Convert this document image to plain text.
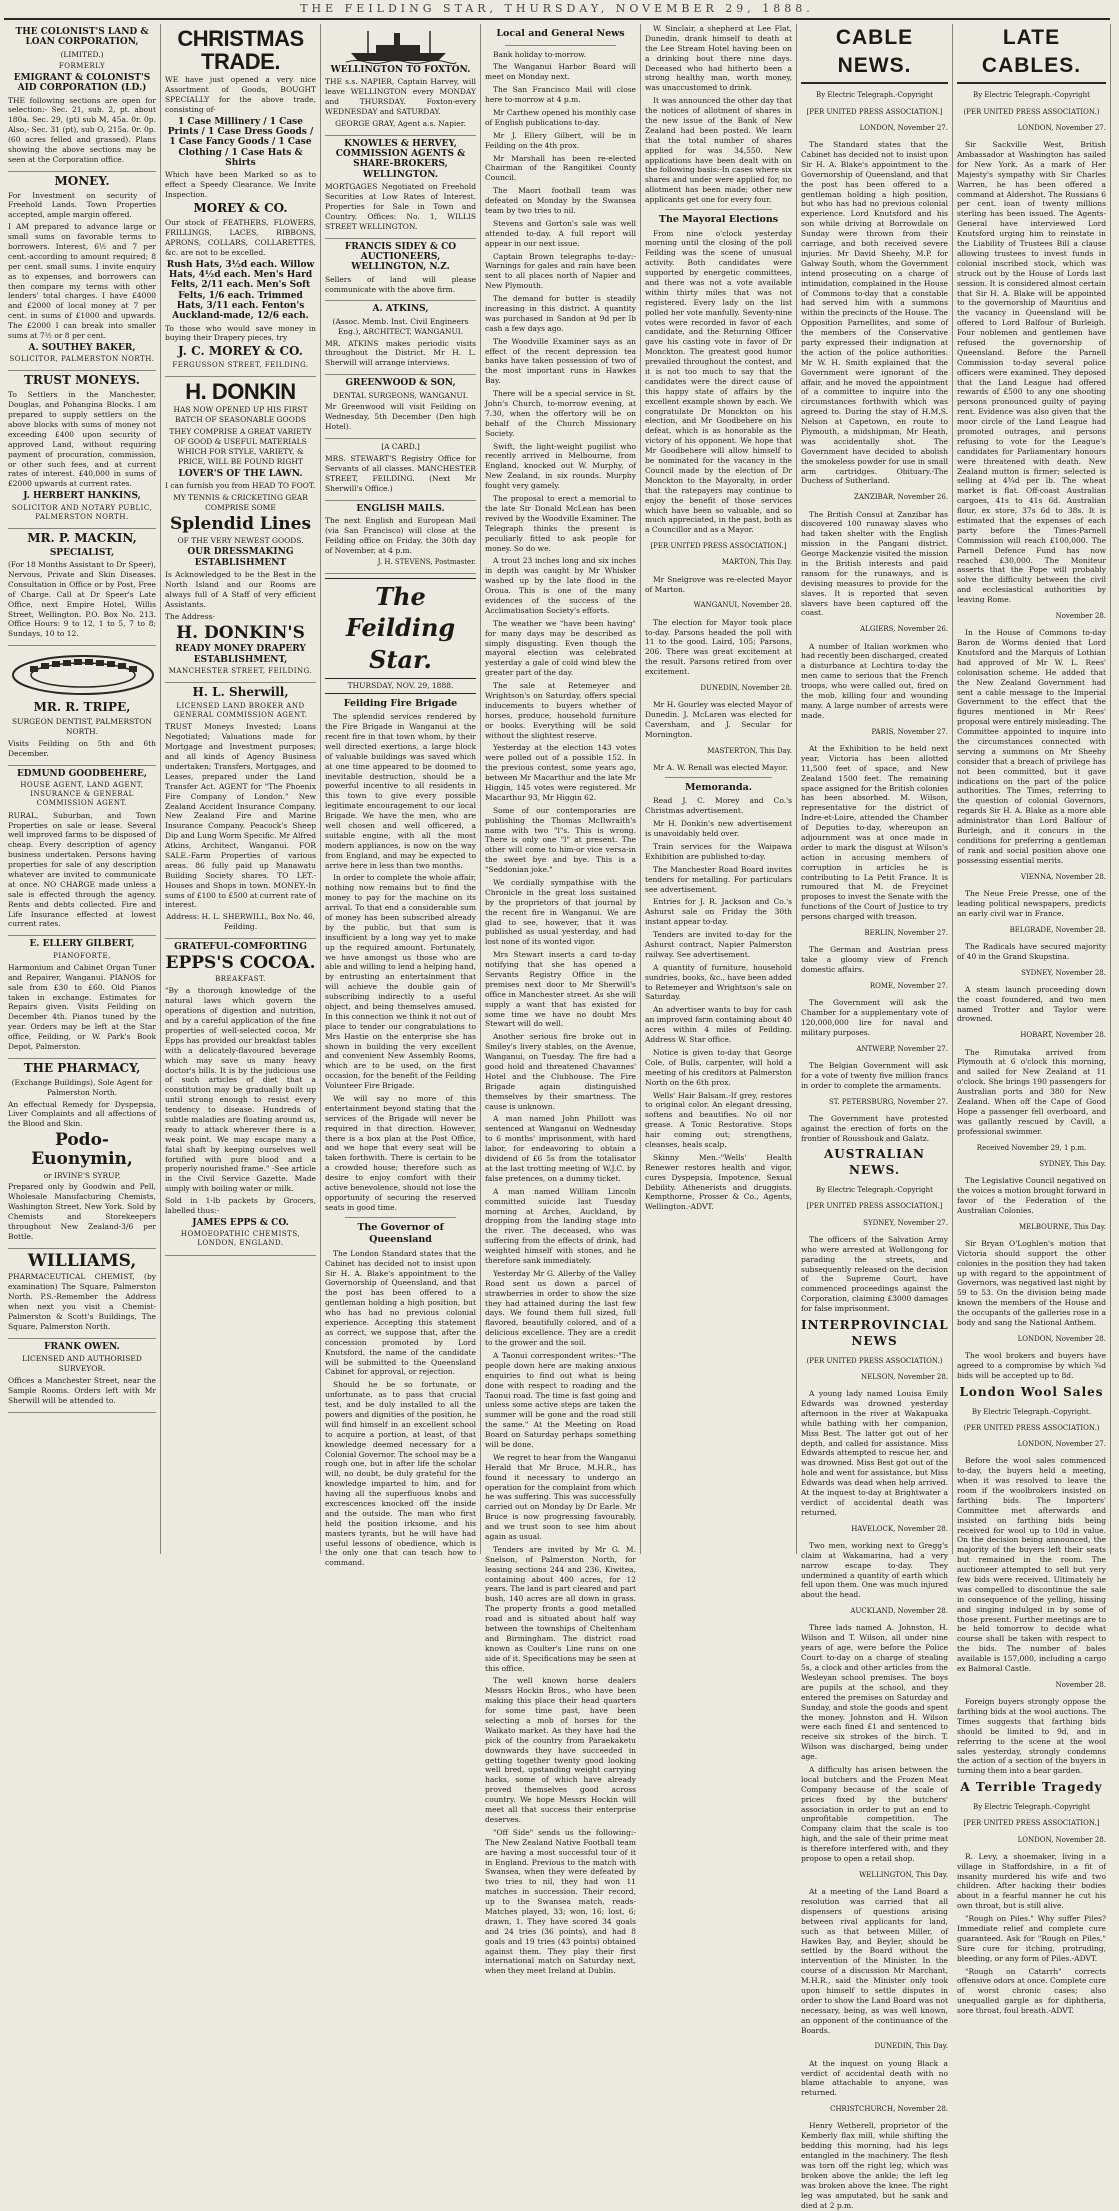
THE FEILDING STAR, THURSDAY, NOVEMBER 29, 1888.

THE COLONIST'S LAND & LOAN CORPORATION,

(LIMITED.)

FORMERLY

EMIGRANT & COLONIST'S AID CORPORATION (LD.)

THE following sections are open for selection:- Sec. 21, sub. 2, pt. about 180a. Sec. 29, (pt) sub M, 45a. 0r. 0p. Also,- Sec. 31 (pt), sub O, 215a. 0r. 0p. (60 acres felled and grassed). Plans showing the above sections may be seen at the Corporation office.

MONEY.

For Investment on security of Freehold Lands. Town Properties accepted, ample margin offered.

I AM prepared to advance large or small sums on favorable terms to borrowers. Interest, 6½ and 7 per cent.-according to amount required; 8 per cent. small sums. I invite enquiry as to expenses, and borrowers can then compare my terms with other lenders' total charges. I have £4000 and £2000 of local money at 7 per cent. in sums of £1000 and upwards. The £2000 I can break into smaller sums at 7½ or 8 per cent.

A. SOUTHEY BAKER,

SOLICITOR, PALMERSTON NORTH.

TRUST MONEYS.

To Settlers in the Manchester, Douglas, and Pohangina Blocks. I am prepared to supply settlers on the above blocks with sums of money not exceeding £400 upon security of approved Land, without requiring payment of procuration, commission, or other such fees, and at current rates of interest. £40,000 in sums of £2000 upwards at current rates.

J. HERBERT HANKINS,

SOLICITOR AND NOTARY PUBLIC, PALMERSTON NORTH.

MR. P. MACKIN,

SPECIALIST,

(For 18 Months Assistant to Dr Speer), Nervous, Private and Skin Diseases. Consultation in Office or by Post, Free of Charge. Call at Dr Speer's Late Office, next Empire Hotel, Willis Street, Wellington. P.O. Box No. 213. Office Hours: 9 to 12, 1 to 5, 7 to 8; Sundays, 10 to 12.

MR. R. TRIPE,

SURGEON DENTIST, PALMERSTON NORTH.

Visits Feilding on 5th and 6th December.

EDMUND GOODBEHERE,

HOUSE AGENT, LAND AGENT, INSURANCE & GENERAL COMMISSION AGENT.

RURAL, Suburban, and Town Properties on sale or lease. Several well improved farms to be disposed of cheap. Every description of agency business undertaken. Persons having properties for sale of any description whatever are invited to communicate at once. NO CHARGE made unless a sale is effected through the agency. Rents and debts collected. Fire and Life Insurance effected at lowest current rates.

E. ELLERY GILBERT,

PIANOFORTE,

Harmonium and Cabinet Organ Tuner and Repairer, Wanganui. PIANOS for sale from £30 to £60. Old Pianos taken in exchange. Estimates for Repairs given. Visits Feilding on December 4th. Pianos tuned by the year. Orders may be left at the Star office, Feilding, or W. Park's Book Depot, Palmerston.

THE PHARMACY,

(Exchange Buildings), Sole Agent for Palmerston North.

An effectual Remedy for Dyspepsia, Liver Complaints and all affections of the Blood and Skin.

Podo-Euonymin,

or IRVINE'S SYRUP,

Prepared only by Goodwin and Pell, Wholesale Manufacturing Chemists, Washington Street, New York. Sold by Chemists and Storekeepers throughout New Zealand-3/6 per Bottle.

WILLIAMS,

PHARMACEUTICAL CHEMIST, (by examination) The Square, Palmerston North. P.S.-Remember the Address when next you visit a Chemist-Palmerston & Scott's Buildings, The Square, Palmerston North.

FRANK OWEN.

LICENSED AND AUTHORISED SURVEYOR.

Offices a Manchester Street, near the Sample Rooms. Orders left with Mr Sherwill will be attended to.

CHRISTMAS TRADE.

WE have just opened a very nice Assortment of Goods, BOUGHT SPECIALLY for the above trade, consisting of-

1 Case Millinery / 1 Case Prints / 1 Case Dress Goods / 1 Case Fancy Goods / 1 Case Clothing / 1 Case Hats & Shirts

Which have been Marked so as to effect a Speedy Clearance. We Invite Inspection.

MOREY & CO.

Our stock of FEATHERS, FLOWERS, FRILLINGS, LACES, RIBBONS, APRONS, COLLARS, COLLARETTES, &c. are not to be excelled.

Rush Hats, 3½d each. Willow Hats, 4½d each. Men's Hard Felts, 2/11 each. Men's Soft Felts, 1/6 each. Trimmed Hats, 3/11 each. Fenton's Auckland-made, 12/6 each.

To those who would save money in buying their Drapery pieces, try

J. C. MOREY & CO.

FERGUSSON STREET, FEILDING.

H. DONKIN

HAS NOW OPENED UP HIS FIRST BATCH OF SEASONABLE GOODS

THEY COMPRISE A GREAT VARIETY OF GOOD & USEFUL MATERIALS WHICH FOR STYLE, VARIETY, & PRICE, WILL BE FOUND RIGHT

LOVER'S OF THE LAWN.

I can furnish you from HEAD TO FOOT.

MY TENNIS & CRICKETING GEAR COMPRISE SOME

Splendid Lines

OF THE VERY NEWEST GOODS.

OUR DRESSMAKING ESTABLISHMENT

Is Acknowledged to be the Best in the North Island and our Rooms are always full of A Staff of very efficient Assistants.

The Address-

H. DONKIN'S

READY MONEY DRAPERY ESTABLISHMENT,

MANCHESTER STREET, FEILDING.

H. L. Sherwill,

LICENSED LAND BROKER AND GENERAL COMMISSION AGENT.

TRUST Moneys Invested; Loans Negotiated; Valuations made for Mortgage and Investment purposes; and all kinds of Agency Business undertaken; Transfers, Mortgages, and Leases, prepared under the Land Transfer Act. AGENT for "The Phoenix Fire Company of London." New Zealand Accident Insurance Company. New Zealand Fire and Marine Insurance Company. Peacock's Sheep Dip and Lung Worm Specific. Mr Alfred Atkins, Architect, Wanganui. FOR SALE.-Farm Properties of various areas. 86 fully paid up Manawatu Building Society shares. TO LET.-Houses and Shops in town. MONEY.-In sums of £100 to £500 at current rate of interest.

Address: H. L. SHERWILL, Box No. 46, Feilding.

GRATEFUL-COMFORTING

EPPS'S COCOA.

BREAKFAST.

"By a thorough knowledge of the natural laws which govern the operations of digestion and nutrition, and by a careful application of the fine properties of well-selected cocoa, Mr Epps has provided our breakfast tables with a delicately-flavoured beverage which may save us many heavy doctor's bills. It is by the judicious use of such articles of diet that a constitution may be gradually built up until strong enough to resist every tendency to disease. Hundreds of subtle maladies are floating around us, ready to attack wherever there is a weak point. We may escape many a fatal shaft by keeping ourselves well fortified with pure blood and a properly nourished frame." -See article in the Civil Service Gazette. Made simply with boiling water or milk.

Sold in 1-lb packets by Grocers, labelled thus:-

JAMES EPPS & CO.

HOMOEOPATHIC CHEMISTS, LONDON, ENGLAND.

WELLINGTON TO FOXTON.

THE s.s. NAPIER, Captain Harvey, will leave WELLINGTON every MONDAY and THURSDAY. Foxton-every WEDNESDAY and SATURDAY.

GEORGE GRAY, Agent a.s. Napier.

KNOWLES & HERVEY, COMMISSION AGENTS & SHARE-BROKERS, WELLINGTON.

MORTGAGES Negotiated on Freehold Securities at Low Rates of Interest. Properties for Sale in Town and Country. Offices: No. 1, WILLIS STREET WELLINGTON.

FRANCIS SIDEY & CO AUCTIONEERS, WELLINGTON, N.Z.

Sellers of land will please communicate with the above firm.

A. ATKINS,

(Assoc. Memb. Inst. Civil Engineers Eng.), ARCHITECT, WANGANUI.

MR. ATKINS makes periodic visits throughout the District. Mr H. L. Sherwill will arrange interviews.

GREENWOOD & SON,

DENTAL SURGEONS, WANGANUI.

Mr Greenwood will visit Feilding on Wednesday, 5th December (Den high Hotel).

[A CARD.]

MRS. STEWART'S Registry Office for Servants of all classes. MANCHESTER STREET, FEILDING. (Next Mr Sherwill's Office.)

ENGLISH MAILS.

The next English and European Mail (via San Francisco) will close at the Feilding office on Friday, the 30th day of November, at 4 p.m.

J. H. STEVENS, Postmaster.

The Feilding Star.
THURSDAY, NOV. 29, 1888.

Feilding Fire Brigade

The splendid services rendered by the Fire Brigade in Wanganui at the recent fire in that town whom, by their well directed exertions, a large block of valuable buildings was saved which at one time appeared to be doomed to inevitable destruction, should be a powerful incentive to all residents in this town to give every possible legitimate encouragement to our local Brigade. We have the men, who are well chosen and well officered, a suitable engine, with all the most modern appliances, is now on the way from England, and may be expected to arrive here in less than two months.

In order to complete the whole affair, nothing now remains but to find the money to pay for the machine on its arrival. To that end a considerable sum of money has been subscribed already by the public, but that sum is insufficient by a long way yet to make up the required amount. Fortunately, we have amongst us those who are able and willing to lend a helping hand, by entrusting an entertainment that will achieve the double gain of subscribing indirectly to a useful object, and being themselves amused. In this connection we think it not out of place to tender our congratulations to Mrs Hastie on the enterprise she has shown in building the very excellent and convenient New Assembly Rooms, which are to be used, on the first occasion, for the benefit of the Feilding Volunteer Fire Brigade.

We will say no more of this entertainment beyond stating that the services of the Brigade will never be required in that direction. However, there is a box plan at the Post Office, and we hope that every seat will be taken forthwith. There is certain to be a crowded house; therefore such as desire to enjoy comfort with their active benevolence, should not lose the opportunity of securing the reserved seats in good time.

The Governor of Queensland

The London Standard states that the Cabinet has decided not to insist upon Sir H. A. Blake's appointment to the Governorship of Queensland, and that the post has been offered to a gentleman holding a high position, but who has had no previous colonial experience. Accepting this statement as correct, we suppose that, after the concession promoted by Lord Knutsford, the name of the candidate will be submitted to the Queensland Cabinet for approval, or rejection.

Should he be so fortunate, or unfortunate, as to pass that crucial test, and be duly installed to all the powers and dignities of the position, he will find himself in an excellent school to acquire a portion, at least, of that knowledge deemed necessary for a Colonial Governor. The school may be a rough one, but in after life the scholar will, no doubt, be duly grateful for the knowledge imparted to him, and for having all the superfluous knobs and excrescences knocked off the inside and the outside. The man who first held the position irksome, and his masters tyrants, but he will have had useful lessons of obedience, which is the only one that can teach how to command.

Local and General News

Bank holiday to-morrow.

The Wanganui Harbor Board will meet on Monday next.

The San Francisco Mail will close here to-morrow at 4 p.m.

Mr Carthew opened his monthly case of English publications to-day.

Mr J. Ellery Gilbert, will be in Feilding on the 4th prox.

Mr Marshall has been re-elected Chairman of the Rangitikei County Council.

The Maori football team was defeated on Monday by the Swansea team by two tries to nil.

Stevens and Gorton's sale was well attended to-day. A full report will appear in our next issue.

Captain Brown telegraphs to-day:-Warnings for gales and rain have been sent to all places north of Napier and New Plymouth.

The demand for butter is steadily increasing in this district. A quantity was purchased in Sandon at 9d per lb cash a few days ago.

The Woodville Examiner says as an effect of the recent depression tea banks have taken possession of two of the most important runs in Hawkes Bay.

There will be a special service in St. John's Church, to-morrow evening, at 7.30, when the offertory will be on behalf of the Church Missionary Society.

Swift, the light-weight pugilist who recently arrived in Melbourne, from England, knocked out W. Murphy, of New Zealand, in six rounds. Murphy fought very gamely.

The proposal to erect a memorial to the late Sir Donald McLean has been revived by the Woodville Examiner. The Telegraph thinks the present is peculiarly fitted to ask people for money. So do we.

A trout 23 inches long and six inches in depth was caught by Mr Whisker washed up by the late flood in the Oroua. This is one of the many evidences of the success of the Acclimatisation Society's efforts.

The weather we "have been having" for many days may be described as simply disgusting. Even though the mayoral election was celebrated yesterday a gale of cold wind blew the greater part of the day.

The sale at Retemeyer and Wrightson's on Saturday, offers special inducements to buyers whether of horses, produce, household furniture or books. Everything will be sold without the slightest reserve.

Yesterday at the election 143 votes were polled out of a possible 152. In the previous contest, some years ago, between Mr Macarthur and the late Mr Higgin, 145 votes were registered. Mr Macarthur 93, Mr Higgin 62.

Some of our contemporaries are publishing the Thomas McIlwraith's name with two "l"s. This is wrong. There is only one "l" at present. The other will come to him-or vice versa-in the sweet bye and bye. This is a "Seddonian joke."

We cordially sympathise with the Chronicle in the great loss sustained by the proprietors of that journal by the recent fire in Wanganui. We are glad to see, however, that it was published as usual yesterday, and had lost none of its wonted vigor.

Mrs Stewart inserts a card to-day notifying that she has opened a Servants Registry Office in the premises next door to Mr Sherwill's office in Manchester street. As she will supply a want that has existed for some time we have no doubt Mrs Stewart will do well.

Another serious fire broke out in Smiley's livery stables, on the Avenue, Wanganui, on Tuesday. The fire had a good hold and threatened Chavannes' Hotel and the Clubhouse. The Fire Brigade again distinguished themselves by their smartness. The cause is unknown.

A man named John Phillott was sentenced at Wanganui on Wednesday to 6 months' imprisonment, with hard labor, for endeavoring to obtain a dividend of £6 5s from the totalisator at the last trotting meeting of W.J.C. by false pretences, on a dummy ticket.

A man named William Lincoln committed suicide last Tuesday morning at Arches, Auckland, by dropping from the landing stage into the river. The deceased, who was suffering from the effects of drink, had weighted himself with stones, and he therefore sank immediately.

Yesterday Mr G. Allerby of the Valley Road sent us down a parcel of strawberries in order to show the size they had attained during the last few days. We found them full sized, full flavored, beautifully colored, and of a delicious excellence. They are a credit to the grower and the soil.

A Taonui correspondent writes:-"The people down here are making anxious enquiries to find out what is being done with respect to roading and the Taonui road. The time is fast going and unless some active steps are taken the summer will be gone and the road still the same." At the Meeting on Road Board on Saturday perhaps something will be done.

We regret to hear from the Wanganui Herald that Mr Bruce, M.H.R., has found it necessary to undergo an operation for the complaint from which he was suffering. This was successfully carried out on Monday by Dr Earle. Mr Bruce is now progressing favourably, and we trust soon to see him about again as usual.

Tenders are invited by Mr G. M. Snelson, of Palmerston North, for leasing sections 244 and 236, Kiwitea, containing about 400 acres, for 12 years. The land is part cleared and part bush, 140 acres are all down in grass. The property fronts a good metalled road and is situated about half way between the townships of Cheltenham and Birmingham. The district road known as Coulter's Line runs on one side of it. Specifications may be seen at this office.

The well known horse dealers Messrs Hockin Bros., who have been making this place their head quarters for some time past, have been selecting a mob of horses for the Waikato market. As they have had the pick of the country from Paraekaketu downwards they have succeeded in getting together twenty good looking well bred, upstanding weight carrying hacks, some of which have already proved themselves good across country. We hope Messrs Hockin will meet all that success their enterprise deserves.

"Off Side" sends us the following:-The New Zealand Native Football team are having a most successful tour of it in England. Previous to the match with Swansea, when they were defeated by two tries to nil, they had won 11 matches in succession. Their record, up to the Swansea match, reads-Matches played, 33; won, 16; lost, 6; drawn, 1. They have scored 34 goals and 24 tries (36 points), and had 8 goals and 19 tries (43 points) obtained against them. They play their first international match on Saturday next, when they meet Ireland at Dublin.

W. Sinclair, a shepherd at Lee Flat, Dunedin, drank himself to death at the Lee Stream Hotel having been on a drinking bout there nine days. Deceased who had hitherto been a strong healthy man, worth money, was unaccustomed to drink.

It was announced the other day that the notices of allotment of shares in the new issue of the Bank of New Zealand had been posted. We learn that the total number of shares applied for was 34,550. New applications have been dealt with on the following basis:-In cases where six shares and under were applied for, no allotment has been made; other new applicants get one for every four.

The Mayoral Elections

From nine o'clock yesterday morning until the closing of the poll Feilding was the scene of unusual activity. Both candidates were supported by energetic committees, and there was not a vote available within thirty miles that was not registered. Every lady on the list polled her vote manfully. Seventy-nine votes were recorded in favor of each candidate, and the Returning Officer gave his casting vote in favor of Dr Monckton. The greatest good humor prevailed throughout the contest, and it is not too much to say that the candidates were the direct cause of this happy state of affairs by the excellent example shown by each. We congratulate Dr Monckton on his election, and Mr Goodbehere on his defeat, which is as honorable as the victory of his opponent. We hope that Mr Goodbehere will allow himself to be nominated for the vacancy in the Council made by the election of Dr Monckton to the Mayoralty, in order that the ratepayers may continue to enjoy the benefit of those services which have been so valuable, and so much appreciated, in the past, both as a Councillor and as a Mayor.

[PER UNITED PRESS ASSOCIATION.]

MARTON, This Day.

Mr Snelgrove was re-elected Mayor of Marton.

WANGANUI, November 28.

The election for Mayor took place to-day. Parsons headed the poll with 11 to the good. Laird, 105; Parsons, 206. There was great excitement at the result. Parsons retired from over excitement.

DUNEDIN, November 28.

Mr H. Gourley was elected Mayor of Dunedin. J. McLaren was elected for Caversham, and J. Secular for Mornington.

MASTERTON, This Day.

Mr A. W. Renall was elected Mayor.

Memoranda.

Read J. C. Morey and Co.'s Christmas advertisement.

Mr H. Donkin's new advertisement is unavoidably held over.

Train services for the Waipawa Exhibition are published to-day.

The Manchester Road Board invites tenders for metalling. For particulars see advertisement.

Entries for J. R. Jackson and Co.'s Ashurst sale on Friday the 30th instant appear to-day.

Tenders are invited to-day for the Ashurst contract, Napier Palmerston railway. See advertisement.

A quantity of furniture, household sundries, books, &c., have been added to Retemeyer and Wrightson's sale on Saturday.

An advertiser wants to buy for cash an improved farm containing about 40 acres within 4 miles of Feilding. Address W. Star office.

Notice is given to-day that George Cole, of Bulls, carpenter, will hold a meeting of his creditors at Palmerston North on the 6th prox.

Wells' Hair Balsam.-If grey, restores to original color. An elegant dressing, softens and beautifies. No oil nor grease. A Tonic Restorative. Stops hair coming out; strengthens, cleanses, heals scalp.

Skinny Men.-"Wells' Health Renewer restores health and vigor, cures Dyspepsia, Impotence, Sexual Debility. Athenerists and druggists. Kempthorne, Prosser & Co., Agents, Wellington.-ADVT.

CABLE NEWS.

By Electric Telegraph.-Copyright

[PER UNITED PRESS ASSOCIATION.]

LONDON, November 27.

The Standard states that the Cabinet has decided not to insist upon Sir H. A. Blake's appointment to the Governorship of Queensland, and that the post has been offered to a gentleman holding a high position, but who has had no previous colonial experience. Lord Knutsford and his son while driving at Borrowdale on Sunday were thrown from their carriage, and both received severe injuries. Mr David Sheehy, M.P. for Galway South, whom the Government intend prosecuting on a charge of intimidation, complained in the House of Commons to-day that a constable had served him with a summons within the precincts of the House. The Opposition Parnellites, and some of the members of the Conservative party expressed their indignation at the action of the police authorities. Mr W. H. Smith explained that the Government were ignorant of the affair, and he moved the appointment of a committee to inquire into the circumstances forthwith which was agreed to. During the stay of H.M.S. Nelson at Capetown, en route to Plymouth, a midshipman, Mr Heath, was accidentally shot. The Government have decided to abolish the smokeless powder for use in small arm cartridges. Obituary.-The Duchess of Sutherland.

ZANZIBAR, November 26.

The British Consul at Zanzibar has discovered 100 runaway slaves who had taken shelter with the English mission in the Pangani district. George Mackenzie visited the mission in the British interests and paid ransom for the runaways, and is devising measures to provide for the slaves. It is reported that seven slavers have been captured off the coast.

ALGIERS, November 26.

A number of Italian workmen who had recently been discharged, created a disturbance at Lochtira to-day the men came to serious that the French troops, who were called out, fired on the mob, killing four and wounding many. A large number of arrests were made.

PARIS, November 27.

At the Exhibition to be held next year, Victoria has been allotted 11,500 feet of space, and New Zealand 1500 feet. The remaining space assigned for the British colonies has been absorbed. M. Wilson, representative for the district of Indre-et-Loire, attended the Chamber of Deputies to-day, whereupon an adjournment was at once made in order to mark the disgust at Wilson's action in accusing members of corruption in articles he is contributing to La Petit France. It is rumoured that M. de Freycinet proposes to invest the Senate with the functions of the Court of Justice to try persons charged with treason.

BERLIN, November 27.

The German and Austrian press take a gloomy view of French domestic affairs.

ROME, November 27.

The Government will ask the Chamber for a supplementary vote of 120,000,000 lire for naval and military purposes.

ANTWERP, November 27.

The Belgian Government will ask for a vote of twenty five million francs in order to complete the armaments.

ST. PETERSBURG, November 27.

The Government have protested against the erection of forts on the frontier of Rousshouk and Galatz.

AUSTRALIAN NEWS.

By Electric Telegraph.-Copyright

[PER UNITED PRESS ASSOCIATION.]

SYDNEY, November 27.

The officers of the Salvation Army who were arrested at Wollongong for parading the streets, and subsequently released on the decision of the Supreme Court, have commenced proceedings against the Corporation, claiming £3000 damages for false imprisonment.

INTERPROVINCIAL NEWS

(PER UNITED PRESS ASSOCIATION.)

NELSON, November 28.

A young lady named Louisa Emily Edwards was drowned yesterday afternoon in the river at Wakapuaka while bathing with her companion, Miss Best. The latter got out of her depth, and called for assistance. Miss Edwards attempted to rescue her, and was drowned. Miss Best got out of the hole and went for assistance, but Miss Edwards was dead when help arrived. At the inquest to-day at Brightwater a verdict of accidental death was returned.

HAVELOCK, November 28.

Two men, working next to Gregg's claim at Wakamarina, had a very narrow escape to-day. They undermined a quantity of earth which fell upon them. One was much injured about the head.

AUCKLAND, November 28.

Three lads named A. Johnston, H. Wilson and T. Wilson, all under nine years of age, were before the Police Court to-day on a charge of stealing 5s, a clock and other articles from the Wesleyan school premises. The boys are pupils at the school, and they entered the premises on Saturday and Sunday, and stole the goods and spent the money. Johnston and H. Wilson were each fined £1 and sentenced to receive six strokes of the birch. T. Wilson was discharged, being under age.

A difficulty has arisen between the local butchers and the Frozen Meat Company because of the scale of prices fixed by the butchers' association in order to put an end to unprofitable competition. The Company claim that the scale is too high, and the sale of their prime meat is therefore interfered with, and they propose to open a retail shop.

WELLINGTON, This Day.

At a meeting of the Land Board a resolution was carried that all dispensers of questions arising between rival applicants for land, such as that between Miller, of Hawkes Bay, and Beyler, should be settled by the Board without the intervention of the Minister. In the course of a discussion Mr Marchant, M.H.R., said the Minister only took upon himself to settle disputes in order to show the Land Board was not necessary, being, as was well known, an opponent of the continuance of the Boards.

DUNEDIN, This Day.

At the inquest on young Black a verdict of accidental death with no blame attachable to anyone, was returned.

CHRISTCHURCH, November 28.

Henry Wetherell, proprietor of the Kemberly flax mill, while shifting the bedding this morning, had his legs entangled in the machinery. The flesh was torn off the right leg, which was broken above the ankle; the left leg was broken above the knee. The right leg was amputated, but he sank and died at 2 p.m.

LATE CABLES.

By Electric Telegraph.-Copyright

(PER UNITED PRESS ASSOCIATION.)

LONDON, November 27.

Sir Sackville West, British Ambassador at Washington has sailed for New York. As a mark of Her Majesty's sympathy with Sir Charles Warren, he has been offered a command at Aldershot. The Russians 6 per cent. loan of twenty millions sterling has been issued. The Agents-General have interviewed Lord Knutsford urging him to reinstate in the Liability of Trustees Bill a clause allowing trustees to invest funds in colonial inscribed stock, which was struck out by the House of Lords last session. It is considered almost certain that Sir H. A. Blake will be appointed to the governorship of Mauritius and the vacancy in Queensland will be offered to Lord Balfour of Burleigh. Four noblemen and gentlemen have refused the governorship of Queensland. Before the Parnell Commission to-day several police officers were examined. They deposed that the Land League had offered rewards of £500 to any one shooting persons pronounced guilty of paying rent. Evidence was also given that the moor circle of the Land League had promoted outrages, and persons refusing to vote for the League's candidates for Parliamentary honours were threatened with death. New Zealand mutton is firmer; selected is selling at 4¾d per lb. The wheat market is flat. Off-coast Australian cargoes, 41s to 41s 6d. Australian flour, ex store, 37s 6d to 38s. It is estimated that the expenses of each party before the Times-Parnell Commission will reach £100,000. The Parnell Defence Fund has now reached £30,000. The Moniteur asserts that the Pope will probably solve the difficulty between the civil and ecclesiastical authorities by leaving Rome.

November 28.

In the House of Commons to-day Baron de Worms denied that Lord Knutsford and the Marquis of Lothian had approved of Mr W. L. Rees' colonisation scheme. He added that the New Zealand Government had sent a cable message to the Imperial Government to the effect that the figures mentioned in Mr Rees' proposal were entirely misleading. The Committee appointed to inquire into the circumstances connected with serving a summons on Mr Sheehy consider that a breach of privilege has not been committed, but it gave indications on the part of the police authorities. The Times, referring to the question of colonial Governors, regards Sir H. A. Blake as a more able administrator than Lord Balfour of Burleigh, and it concurs in the conditions for preferring a gentleman of rank and social position above one possessing essential merits.

VIENNA, November 28.

The Neue Freie Presse, one of the leading political newspapers, predicts an early civil war in France.

BELGRADE, November 28.

The Radicals have secured majority of 40 in the Grand Skupstina.

SYDNEY, November 28.

A steam launch proceeding down the coast foundered, and two men named Trotter and Taylor were drowned.

HOBART, November 28.

The Rimutaka arrived from Plymouth at 6 o'clock this morning, and sailed for New Zealand at 11 o'clock. She brings 190 passengers for Australian ports and 380 for New Zealand. When off the Cape of Good Hope a passenger fell overboard, and was gallantly rescued by Cavill, a professional swimmer.

Received November 29, 1 p.m.

SYDNEY, This Day.

The Legislative Council negatived on the voices a motion brought forward in favor of the Federation of the Australian Colonies.

MELBOURNE, This Day.

Sir Bryan O'Loghlen's motion that Victoria should support the other colonies in the position they had taken up with regard to the appointment of Governors, was negatived last night by 59 to 53. On the division being made known the members of the House and the occupants of the galleries rose in a body and sang the National Anthem.

LONDON, November 28.

The wool brokers and buyers have agreed to a compromise by which ¾d bids will be accepted up to 8d.

London Wool Sales

By Electric Telegraph.-Copyright.

(PER UNITED PRESS ASSOCIATION.)

LONDON, November 27.

Before the wool sales commenced to-day, the buyers held a meeting, when it was resolved to leave the room if the woolbrokers insisted on farthing bids. The Importers' Committee met afterwards and insisted on farthing bids being received for wool up to 10d in value. On the decision being announced, the majority of the buyers left their seats but remained in the room. The auctioneer attempted to sell but very few bids were received. Ultimately he was compelled to discontinue the sale in consequence of the yelling, hissing and singing indulged in by some of those present. Further meetings are to be held tomorrow to decide what course shall be taken with respect to the bids. The number of bales available is 157,000, including a cargo ex Balmoral Castle.

November 28.

Foreign buyers strongly oppose the farthing bids at the wool auctions. The Times suggests that farthing bids should be limited to 9d, and in referring to the scene at the wool sales yesterday, strongly condemns the action of a section of the buyers in turning them into a bear garden.

A Terrible Tragedy

By Electric Telegraph.-Copyright

[PER UNITED PRESS ASSOCIATION.]

LONDON, November 28.

R. Levy, a shoemaker, living in a village in Staffordshire, in a fit of insanity murdered his wife and two children. After hacking their bodies about in a fearful manner he cut his own throat, but is still alive.

"Rough on Piles." Why suffer Piles? Immediate relief and complete cure guaranteed. Ask for "Rough on Piles." Sure cure for itching, protruding, bleeding, or any form of Piles.-ADVT.

"Rough on Catarrh" corrects offensive odors at once. Complete cure of worst chronic cases; also unequalled gargle as for diphtheria, sore throat, foul breath.-ADVT.
